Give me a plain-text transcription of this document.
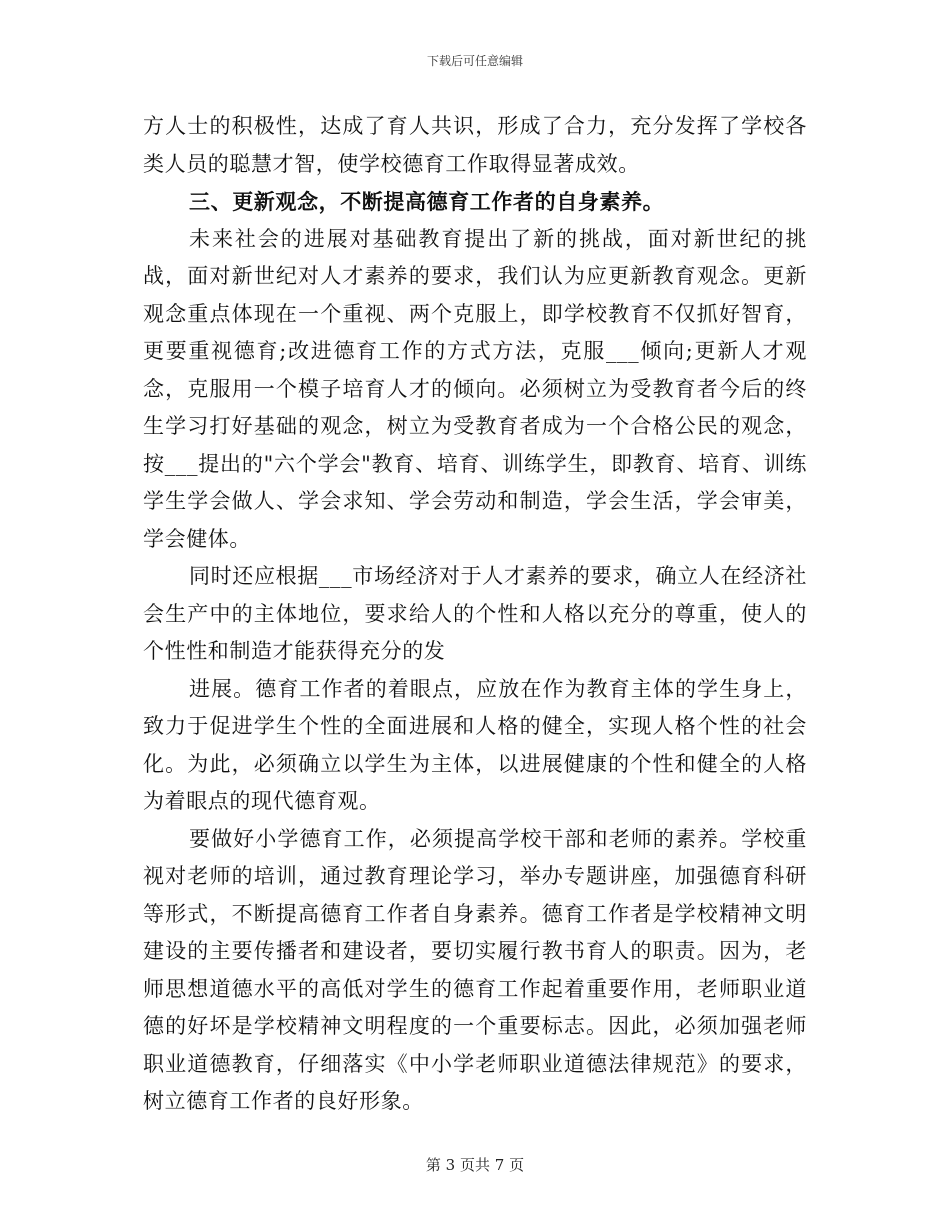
下载后可任意编辑

方人士的积极性，达成了育人共识，形成了合力，充分发挥了学校各类人员的聪慧才智，使学校德育工作取得显著成效。

三、更新观念，不断提高德育工作者的自身素养。

未来社会的进展对基础教育提出了新的挑战，面对新世纪的挑战，面对新世纪对人才素养的要求，我们认为应更新教育观念。更新观念重点体现在一个重视、两个克服上，即学校教育不仅抓好智育，更要重视德育;改进德育工作的方式方法，克服___倾向;更新人才观念，克服用一个模子培育人才的倾向。必须树立为受教育者今后的终生学习打好基础的观念，树立为受教育者成为一个合格公民的观念，按___提出的"六个学会"教育、培育、训练学生，即教育、培育、训练学生学会做人、学会求知、学会劳动和制造，学会生活，学会审美，学会健体。

同时还应根据___市场经济对于人才素养的要求，确立人在经济社会生产中的主体地位，要求给人的个性和人格以充分的尊重，使人的个性性和制造才能获得充分的发

进展。德育工作者的着眼点，应放在作为教育主体的学生身上，致力于促进学生个性的全面进展和人格的健全，实现人格个性的社会化。为此，必须确立以学生为主体，以进展健康的个性和健全的人格为着眼点的现代德育观。

要做好小学德育工作，必须提高学校干部和老师的素养。学校重视对老师的培训，通过教育理论学习，举办专题讲座，加强德育科研等形式，不断提高德育工作者自身素养。德育工作者是学校精神文明建设的主要传播者和建设者，要切实履行教书育人的职责。因为，老师思想道德水平的高低对学生的德育工作起着重要作用，老师职业道德的好坏是学校精神文明程度的一个重要标志。因此，必须加强老师职业道德教育，仔细落实《中小学老师职业道德法律规范》的要求，树立德育工作者的良好形象。

第 3 页共 7 页
